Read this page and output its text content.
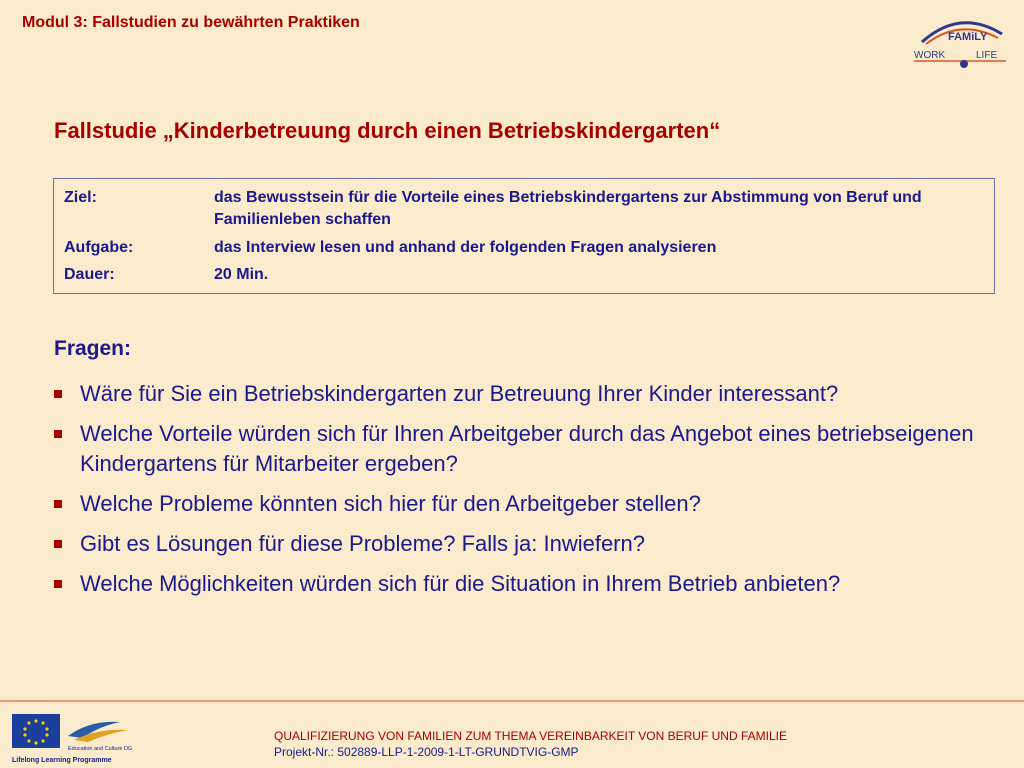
Modul 3: Fallstudien zu bewährten Praktiken
FAMiLY
WORK	LIFE
Fallstudie „Kinderbetreuung durch einen Betriebskindergarten“
Ziel:	das Bewusstsein für die Vorteile eines Betriebskindergartens zur Abstimmung von Beruf und Familienleben schaffen
Aufgabe:	das Interview lesen und anhand der folgenden Fragen analysieren
Dauer:	20 Min.
Fragen:
Wäre für Sie ein Betriebskindergarten zur Betreuung Ihrer Kinder interessant?
Welche Vorteile würden sich für Ihren Arbeitgeber durch das Angebot eines betriebseigenen Kindergartens für Mitarbeiter ergeben?
Welche Probleme könnten sich hier für den Arbeitgeber stellen?
Gibt es Lösungen für diese Probleme? Falls ja: Inwiefern?
Welche Möglichkeiten würden sich für die Situation in Ihrem Betrieb anbieten?
Education and Culture DG
Lifelong Learning Programme
QUALIFIZIERUNG VON FAMILIEN ZUM THEMA VEREINBARKEIT VON BERUF UND FAMILIE
Projekt-Nr.: 502889-LLP-1-2009-1-LT-GRUNDTVIG-GMP
